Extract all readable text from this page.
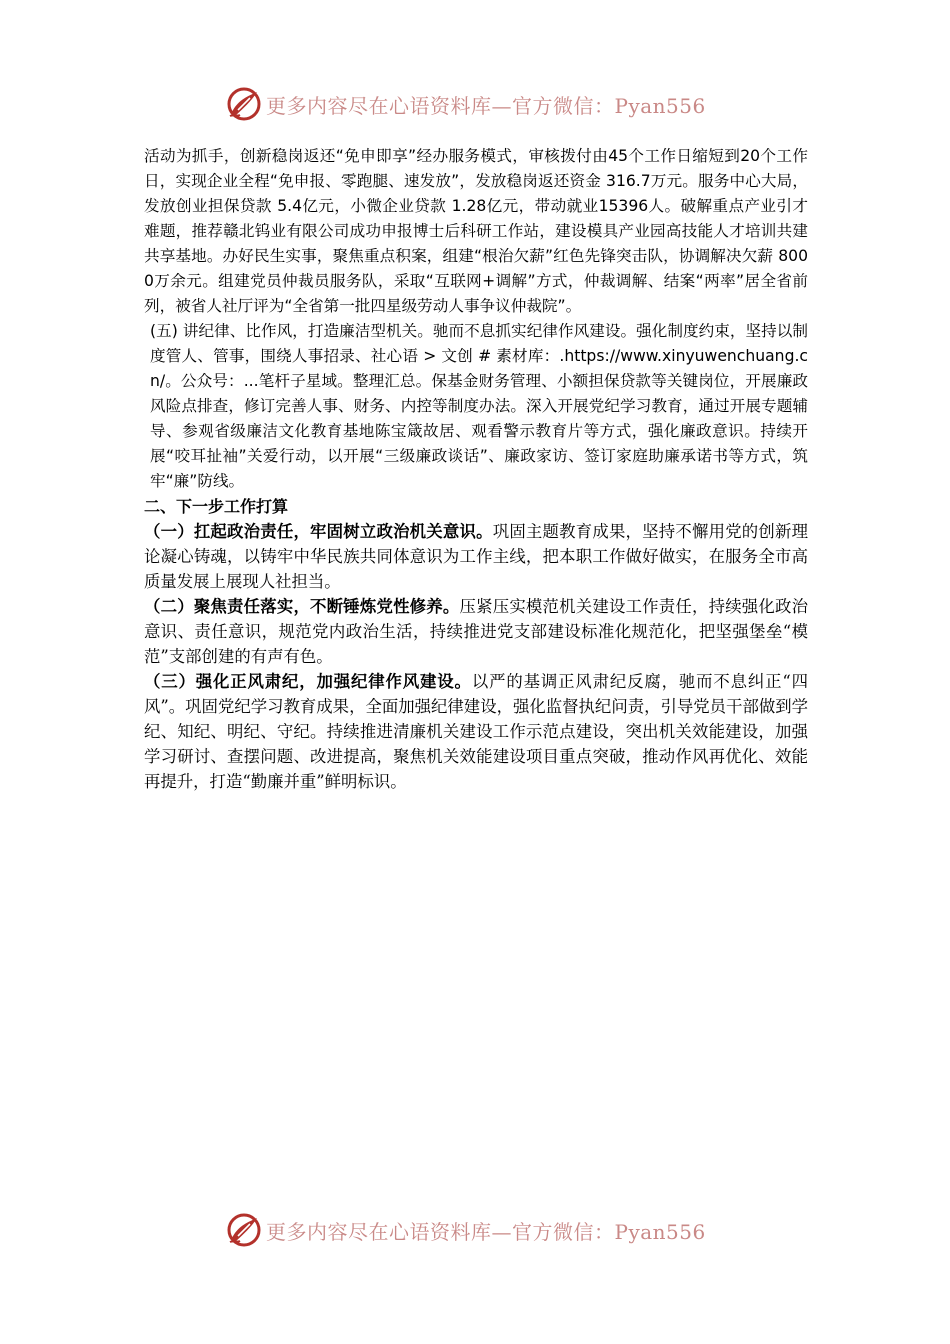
更多内容尽在心语资料库—官方微信：Pyan556

活动为抓手，创新稳岗返还“免申即享”经办服务模式，审核拨付由45个工作日缩短到20个工作日，实现企业全程“免申报、零跑腿、速发放”，发放稳岗返还资金 316.7万元。服务中心大局，发放创业担保贷款 5.4亿元，小微企业贷款 1.28亿元，带动就业15396人。破解重点产业引才难题，推荐赣北钨业有限公司成功申报博士后科研工作站，建设模具产业园高技能人才培训共建共享基地。办好民生实事，聚焦重点积案，组建“根治欠薪”红色先锋突击队，协调解决欠薪 8000万余元。组建党员仲裁员服务队，采取“互联网+调解”方式，仲裁调解、结案“两率”居全省前列，被省人社厅评为“全省第一批四星级劳动人事争议仲裁院”。

(五) 讲纪律、比作风，打造廉洁型机关。驰而不息抓实纪律作风建设。强化制度约束，坚持以制度管人、管事，围绕人事招录、社心语 > 文创 # 素材库：.https://www.xinyuwenchuang.cn/。公众号：...笔杆子星域。整理汇总。保基金财务管理、小额担保贷款等关键岗位，开展廉政风险点排查，修订完善人事、财务、内控等制度办法。深入开展党纪学习教育，通过开展专题辅导、参观省级廉洁文化教育基地陈宝箴故居、观看警示教育片等方式，强化廉政意识。持续开展“咬耳扯袖”关爱行动，以开展“三级廉政谈话”、廉政家访、签订家庭助廉承诺书等方式，筑牢“廉”防线。

二、下一步工作打算

（一）扛起政治责任，牢固树立政治机关意识。巩固主题教育成果，坚持不懈用党的创新理论凝心铸魂，以铸牢中华民族共同体意识为工作主线，把本职工作做好做实，在服务全市高质量发展上展现人社担当。

（二）聚焦责任落实，不断锤炼党性修养。压紧压实模范机关建设工作责任，持续强化政治意识、责任意识，规范党内政治生活，持续推进党支部建设标准化规范化，把坚强堡垒“模范”支部创建的有声有色。

（三）强化正风肃纪，加强纪律作风建设。以严的基调正风肃纪反腐，驰而不息纠正“四风”。巩固党纪学习教育成果，全面加强纪律建设，强化监督执纪问责，引导党员干部做到学纪、知纪、明纪、守纪。持续推进清廉机关建设工作示范点建设，突出机关效能建设，加强学习研讨、查摆问题、改进提高，聚焦机关效能建设项目重点突破，推动作风再优化、效能再提升，打造“勤廉并重”鲜明标识。

更多内容尽在心语资料库—官方微信：Pyan556
